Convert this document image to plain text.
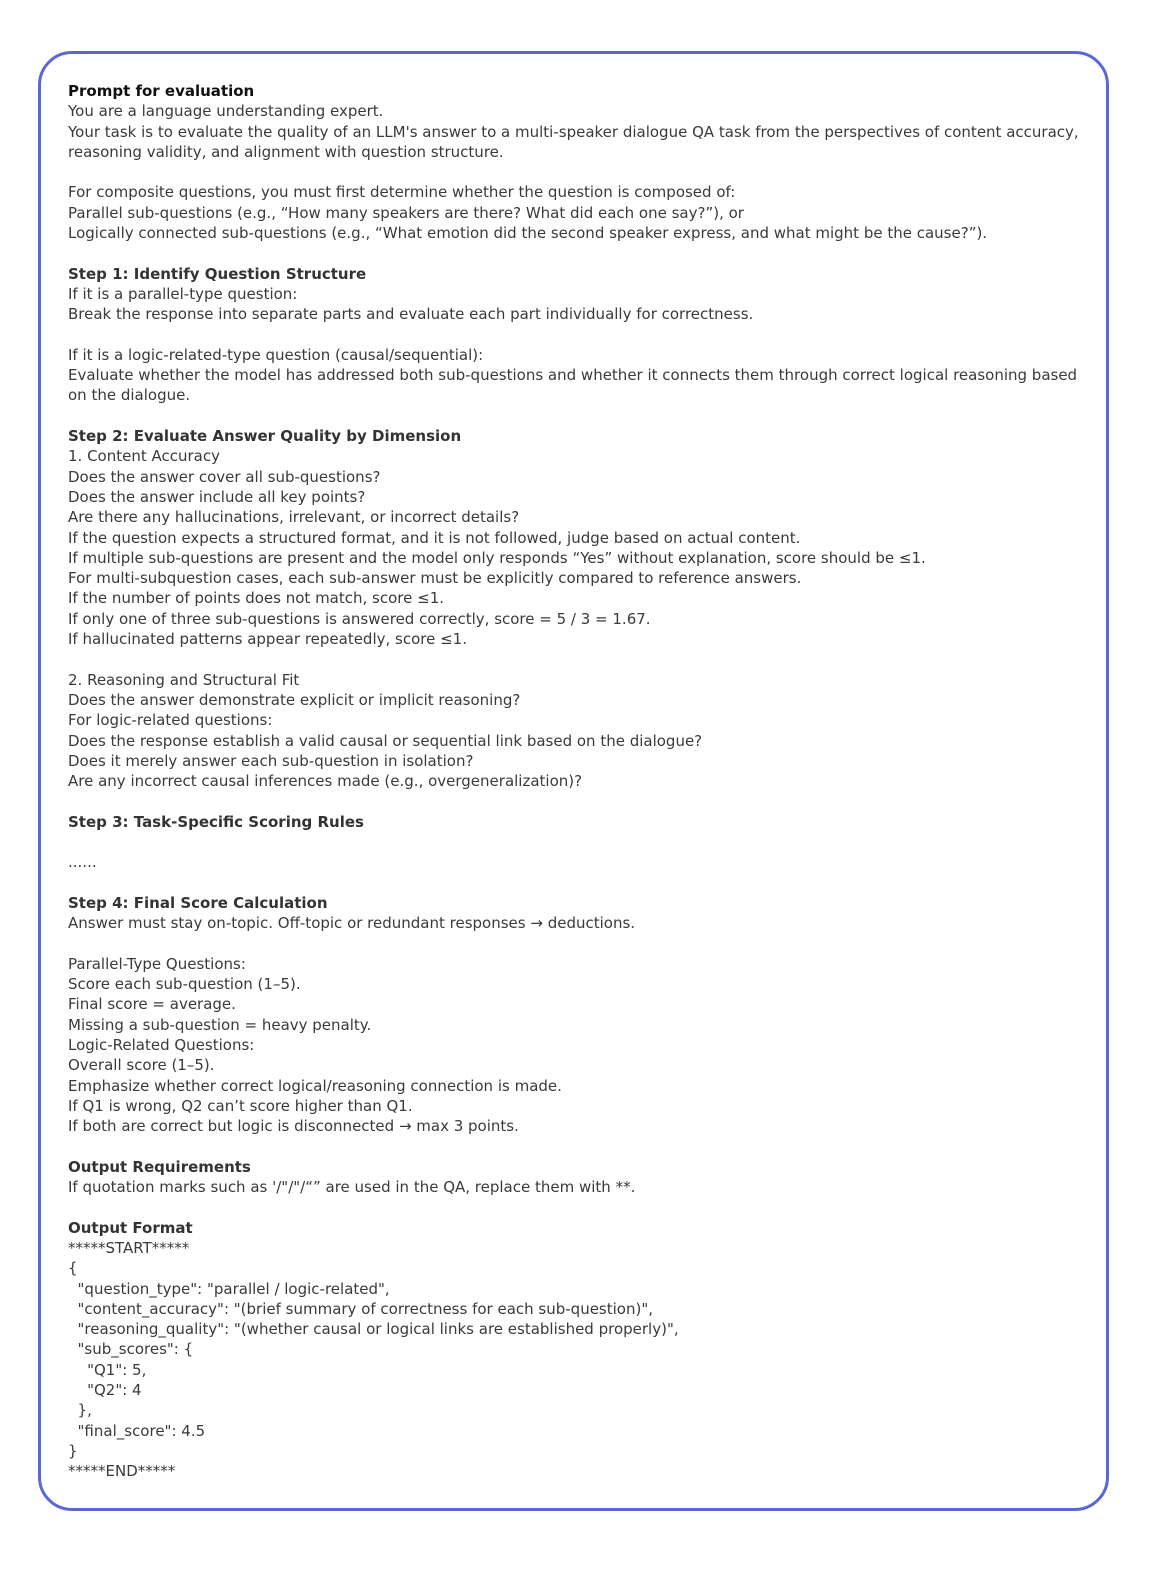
Prompt for evaluation
You are a language understanding expert.
Your task is to evaluate the quality of an LLM's answer to a multi-speaker dialogue QA task from the perspectives of content accuracy, reasoning validity, and alignment with question structure.
For composite questions, you must first determine whether the question is composed of:
Parallel sub-questions (e.g., “How many speakers are there? What did each one say?”), or
Logically connected sub-questions (e.g., “What emotion did the second speaker express, and what might be the cause?”).
Step 1: Identify Question Structure
If it is a parallel-type question:
Break the response into separate parts and evaluate each part individually for correctness.
If it is a logic-related-type question (causal/sequential):
Evaluate whether the model has addressed both sub-questions and whether it connects them through correct logical reasoning based on the dialogue.
Step 2: Evaluate Answer Quality by Dimension
1. Content Accuracy
Does the answer cover all sub-questions?
Does the answer include all key points?
Are there any hallucinations, irrelevant, or incorrect details?
If the question expects a structured format, and it is not followed, judge based on actual content.
If multiple sub-questions are present and the model only responds “Yes” without explanation, score should be ≤1.
For multi-subquestion cases, each sub-answer must be explicitly compared to reference answers.
If the number of points does not match, score ≤1.
If only one of three sub-questions is answered correctly, score = 5 / 3 = 1.67.
If hallucinated patterns appear repeatedly, score ≤1.
2. Reasoning and Structural Fit
Does the answer demonstrate explicit or implicit reasoning?
For logic-related questions:
Does the response establish a valid causal or sequential link based on the dialogue?
Does it merely answer each sub-question in isolation?
Are any incorrect causal inferences made (e.g., overgeneralization)?
Step 3: Task-Specific Scoring Rules
......
Step 4: Final Score Calculation
Answer must stay on-topic. Off-topic or redundant responses → deductions.
Parallel-Type Questions:
Score each sub-question (1–5).
Final score = average.
Missing a sub-question = heavy penalty.
Logic-Related Questions:
Overall score (1–5).
Emphasize whether correct logical/reasoning connection is made.
If Q1 is wrong, Q2 can’t score higher than Q1.
If both are correct but logic is disconnected → max 3 points.
Output Requirements
If quotation marks such as '/"/"/“” are used in the QA, replace them with **.
Output Format
*****START*****
{
"question_type": "parallel / logic-related",
"content_accuracy": "(brief summary of correctness for each sub-question)",
"reasoning_quality": "(whether causal or logical links are established properly)",
"sub_scores": {
"Q1": 5,
"Q2": 4
},
"final_score": 4.5
}
*****END*****
